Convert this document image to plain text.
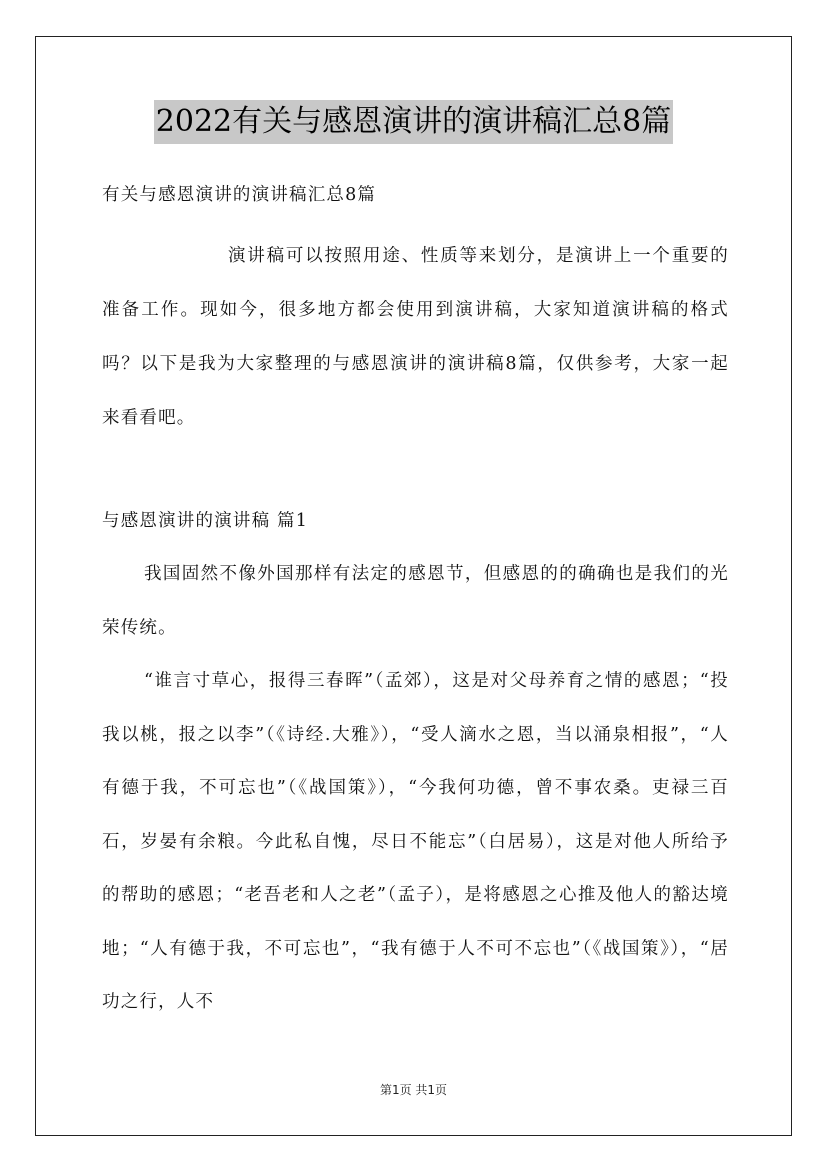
2022有关与感恩演讲的演讲稿汇总8篇
有关与感恩演讲的演讲稿汇总8篇
演讲稿可以按照用途、性质等来划分，是演讲上一个重要的准备工作。现如今，很多地方都会使用到演讲稿，大家知道演讲稿的格式吗？以下是我为大家整理的与感恩演讲的演讲稿8篇，仅供参考，大家一起来看看吧。
与感恩演讲的演讲稿 篇1

我国固然不像外国那样有法定的感恩节，但感恩的的确确也是我们的光荣传统。

“谁言寸草心，报得三春晖”（孟郊），这是对父母养育之情的感恩；“投我以桃，报之以李”（《诗经.大雅》），“受人滴水之恩，当以涌泉相报”，“人有德于我，不可忘也”（《战国策》），“今我何功德，曾不事农桑。吏禄三百石，岁晏有余粮。今此私自愧，尽日不能忘”（白居易），这是对他人所给予的帮助的感恩；“老吾老和人之老”（孟子），是将感恩之心推及他人的豁达境地；“人有德于我，不可忘也”，“我有德于人不可不忘也”（《战国策》），“居功之行，人不

第1页 共1页
